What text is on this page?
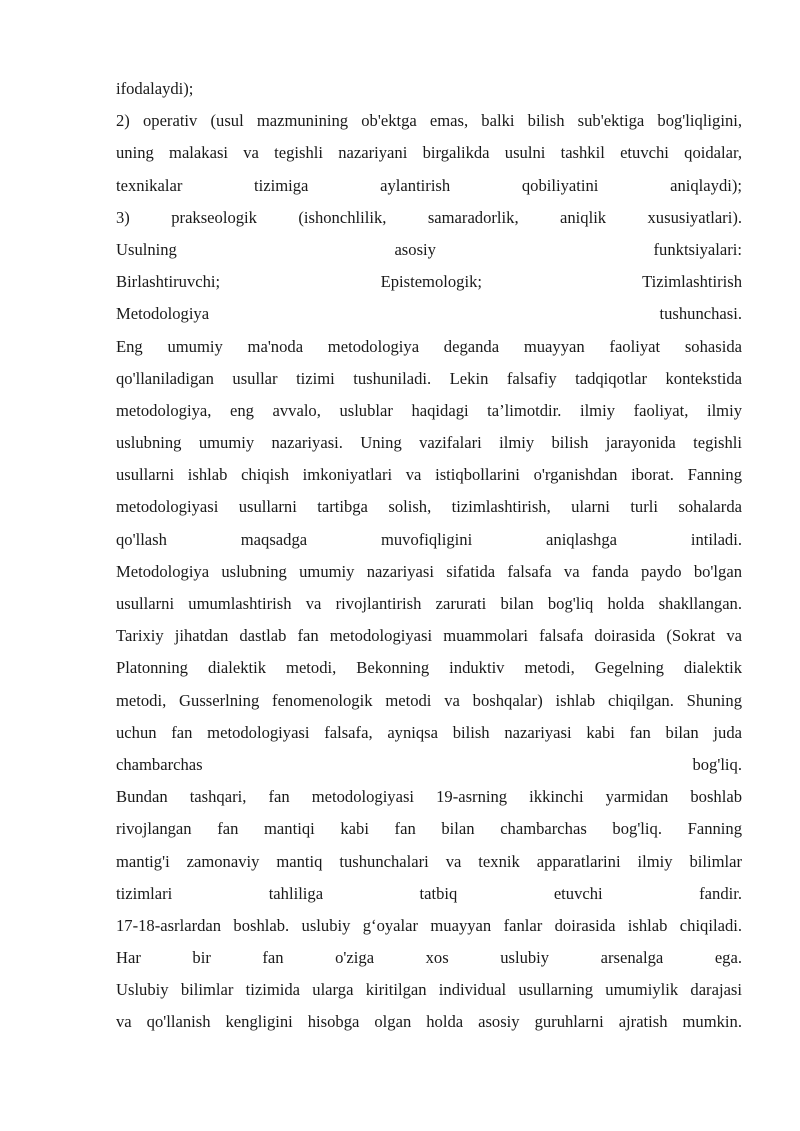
ifodalaydi);
2) operativ (usul mazmunining ob'ektga emas, balki bilish sub'ektiga bog'liqligini,
uning malakasi va tegishli nazariyani birgalikda usulni tashkil etuvchi qoidalar,
texnikalar tizimiga aylantirish qobiliyatini aniqlaydi);
3) prakseologik (ishonchlilik, samaradorlik, aniqlik xususiyatlari).
Usulning asosiy funktsiyalari:
Birlashtiruvchi; Epistemologik; Tizimlashtirish
Metodologiya tushunchasi.
Eng umumiy ma'noda metodologiya deganda muayyan faoliyat sohasida
qo'llaniladigan usullar tizimi tushuniladi. Lekin falsafiy tadqiqotlar kontekstida
metodologiya, eng avvalo, uslublar haqidagi ta’limotdir. ilmiy faoliyat, ilmiy
uslubning umumiy nazariyasi. Uning vazifalari ilmiy bilish jarayonida tegishli
usullarni ishlab chiqish imkoniyatlari va istiqbollarini o'rganishdan iborat. Fanning
metodologiyasi usullarni tartibga solish, tizimlashtirish, ularni turli sohalarda
qo'llash maqsadga muvofiqligini aniqlashga intiladi.
Metodologiya uslubning umumiy nazariyasi sifatida falsafa va fanda paydo bo'lgan
usullarni umumlashtirish va rivojlantirish zarurati bilan bog'liq holda shakllangan.
Tarixiy jihatdan dastlab fan metodologiyasi muammolari falsafa doirasida (Sokrat va
Platonning dialektik metodi, Bekonning induktiv metodi, Gegelning dialektik
metodi, Gusserlning fenomenologik metodi va boshqalar) ishlab chiqilgan. Shuning
uchun fan metodologiyasi falsafa, ayniqsa bilish nazariyasi kabi fan bilan juda
chambarchas bog'liq.
Bundan tashqari, fan metodologiyasi 19-asrning ikkinchi yarmidan boshlab
rivojlangan fan mantiqi kabi fan bilan chambarchas bog'liq. Fanning
mantig'i zamonaviy mantiq tushunchalari va texnik apparatlarini ilmiy bilimlar
tizimlari tahliliga tatbiq etuvchi fandir.
17-18-asrlardan boshlab. uslubiy g‘oyalar muayyan fanlar doirasida ishlab chiqiladi.
Har bir fan o'ziga xos uslubiy arsenalga ega.
Uslubiy bilimlar tizimida ularga kiritilgan individual usullarning umumiylik darajasi
va qo'llanish kengligini hisobga olgan holda asosiy guruhlarni ajratish mumkin.
